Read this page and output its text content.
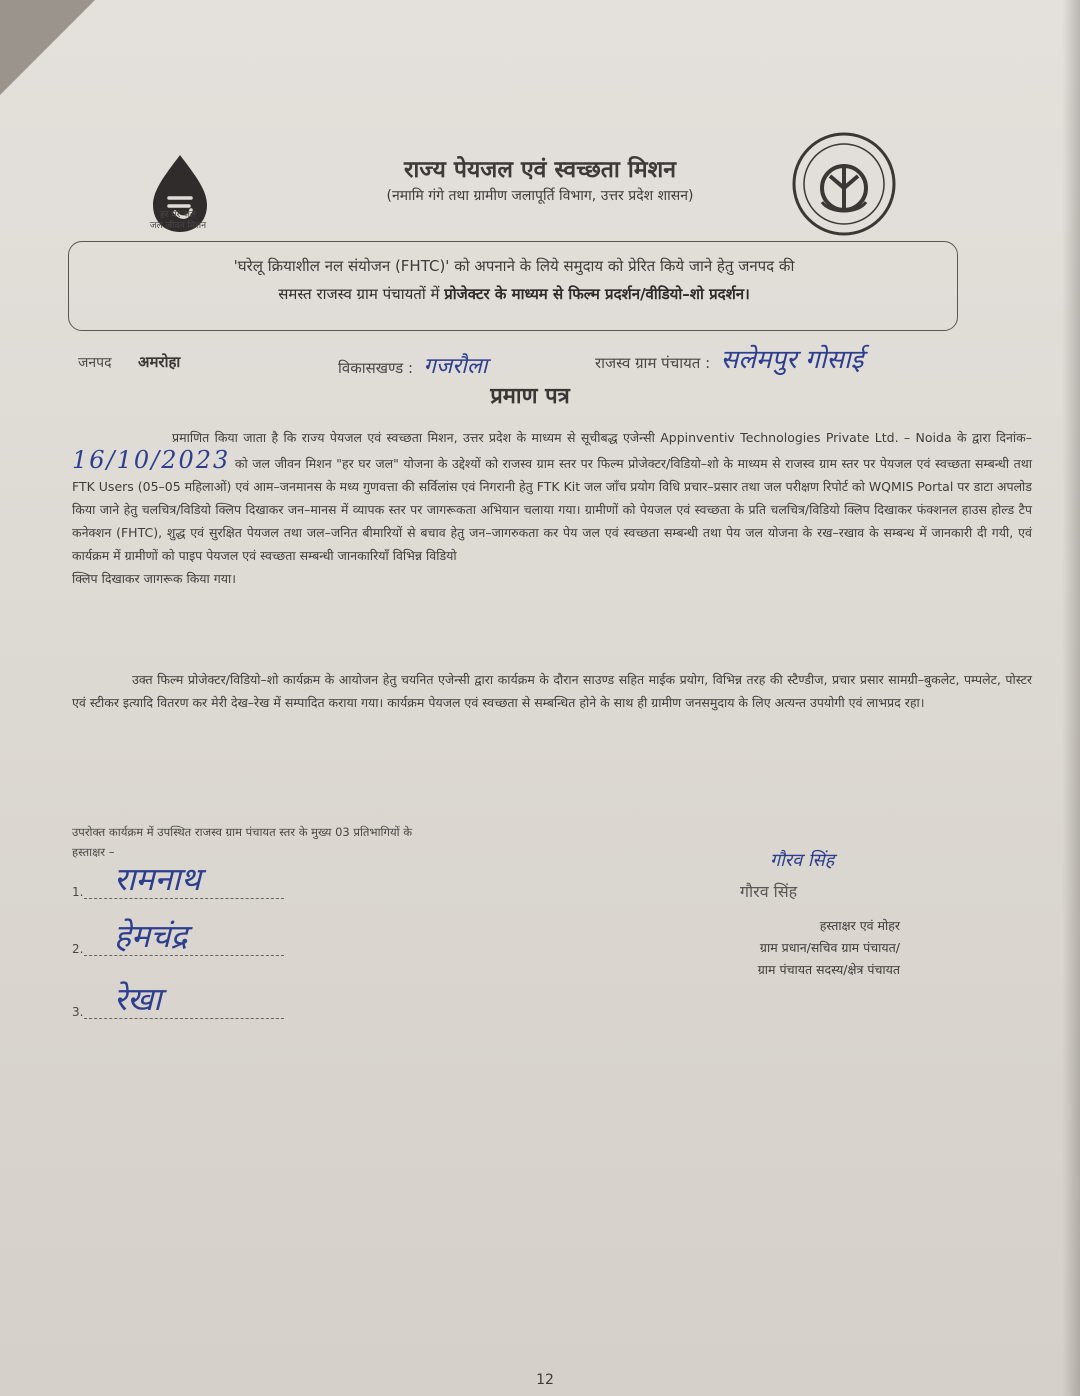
हर घर जल
जल जीवन मिशन
राज्य पेयजल एवं स्वच्छता मिशन
(नमामि गंगे तथा ग्रामीण जलापूर्ति विभाग, उत्तर प्रदेश शासन)
'घरेलू क्रियाशील नल संयोजन (FHTC)' को अपनाने के लिये समुदाय को प्रेरित किये जाने हेतु जनपद की
समस्त राजस्व ग्राम पंचायतों में प्रोजेक्टर के माध्यम से फिल्म प्रदर्शन/वीडियो–शो प्रदर्शन।
जनपद अमरोहा	विकासखण्ड : गजरौला	राजस्व ग्राम पंचायत : सलेमपुर गोसाई
प्रमाण पत्र
प्रमाणित किया जाता है कि राज्य पेयजल एवं स्वच्छता मिशन, उत्तर प्रदेश के माध्यम से सूचीबद्ध एजेन्सी Appinventiv Technologies Private Ltd. – Noida के द्वारा दिनांक–16/10/2023 को जल जीवन मिशन "हर घर जल" योजना के उद्देश्यों को राजस्व ग्राम स्तर पर फिल्म प्रोजेक्टर/विडियो–शो के माध्यम से राजस्व ग्राम स्तर पर पेयजल एवं स्वच्छता सम्बन्धी तथा FTK Users (05–05 महिलाओं) एवं आम–जनमानस के मध्य गुणवत्ता की सर्विलांस एवं निगरानी हेतु FTK Kit जल जाँच प्रयोग विधि प्रचार–प्रसार तथा जल परीक्षण रिपोर्ट को WQMIS Portal पर डाटा अपलोड किया जाने हेतु चलचित्र/विडियो क्लिप दिखाकर जन–मानस में व्यापक स्तर पर जागरूकता अभियान चलाया गया। ग्रामीणों को पेयजल एवं स्वच्छता के प्रति चलचित्र/विडियो क्लिप दिखाकर फंक्शनल हाउस होल्ड टैप कनेक्शन (FHTC), शुद्ध एवं सुरक्षित पेयजल तथा जल–जनित बीमारियों से बचाव हेतु जन–जागरुकता कर पेय जल एवं स्वच्छता सम्बन्धी तथा पेय जल योजना के रख–रखाव के सम्बन्ध में जानकारी दी गयी, एवं कार्यक्रम में ग्रामीणों को पाइप पेयजल एवं स्वच्छता सम्बन्धी जानकारियाँ विभिन्न विडियो
क्लिप दिखाकर जागरूक किया गया।
उक्त फिल्म प्रोजेक्टर/विडियो–शो कार्यक्रम के आयोजन हेतु चयनित एजेन्सी द्वारा कार्यक्रम के दौरान साउण्ड सहित माईक प्रयोग, विभिन्न तरह की स्टैण्डीज, प्रचार प्रसार सामग्री–बुकलेट, पम्पलेट, पोस्टर एवं स्टीकर इत्यादि वितरण कर मेरी देख–रेख में सम्पादित कराया गया। कार्यक्रम पेयजल एवं स्वच्छता से सम्बन्धित होने के साथ ही ग्रामीण जनसमुदाय के लिए अत्यन्त उपयोगी एवं लाभप्रद रहा।
उपरोक्त कार्यक्रम में उपस्थित राजस्व ग्राम पंचायत स्तर के मुख्य 03 प्रतिभागियों के
हस्ताक्षर –
1. रामनाथ
2. हेमचंद्र
3. रेखा
गौरव सिंह
गौरव सिंह
हस्ताक्षर एवं मोहर
ग्राम प्रधान/सचिव ग्राम पंचायत/
ग्राम पंचायत सदस्य/क्षेत्र पंचायत
12
